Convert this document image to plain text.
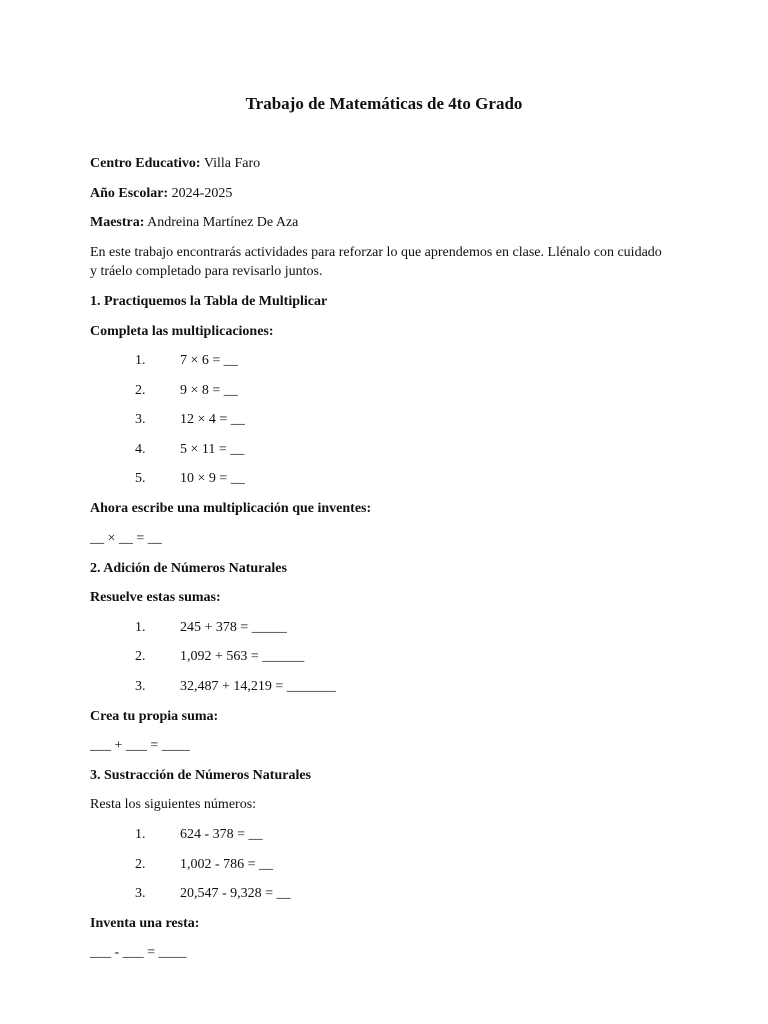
Trabajo de Matemáticas de 4to Grado
Centro Educativo: Villa Faro
Año Escolar: 2024-2025
Maestra: Andreina Martínez De Aza
En este trabajo encontrarás actividades para reforzar lo que aprendemos en clase. Llénalo con cuidado y tráelo completado para revisarlo juntos.
1. Practiquemos la Tabla de Multiplicar
Completa las multiplicaciones:
1. 7 × 6 = __
2. 9 × 8 = __
3. 12 × 4 = __
4. 5 × 11 = __
5. 10 × 9 = __
Ahora escribe una multiplicación que inventes:
__ × __ = __
2. Adición de Números Naturales
Resuelve estas sumas:
1. 245 + 378 = _____
2. 1,092 + 563 = ______
3. 32,487 + 14,219 = _______
Crea tu propia suma:
___ + ___ = ____
3. Sustracción de Números Naturales
Resta los siguientes números:
1. 624 - 378 = __
2. 1,002 - 786 = __
3. 20,547 - 9,328 = __
Inventa una resta:
___ - ___ = ____
